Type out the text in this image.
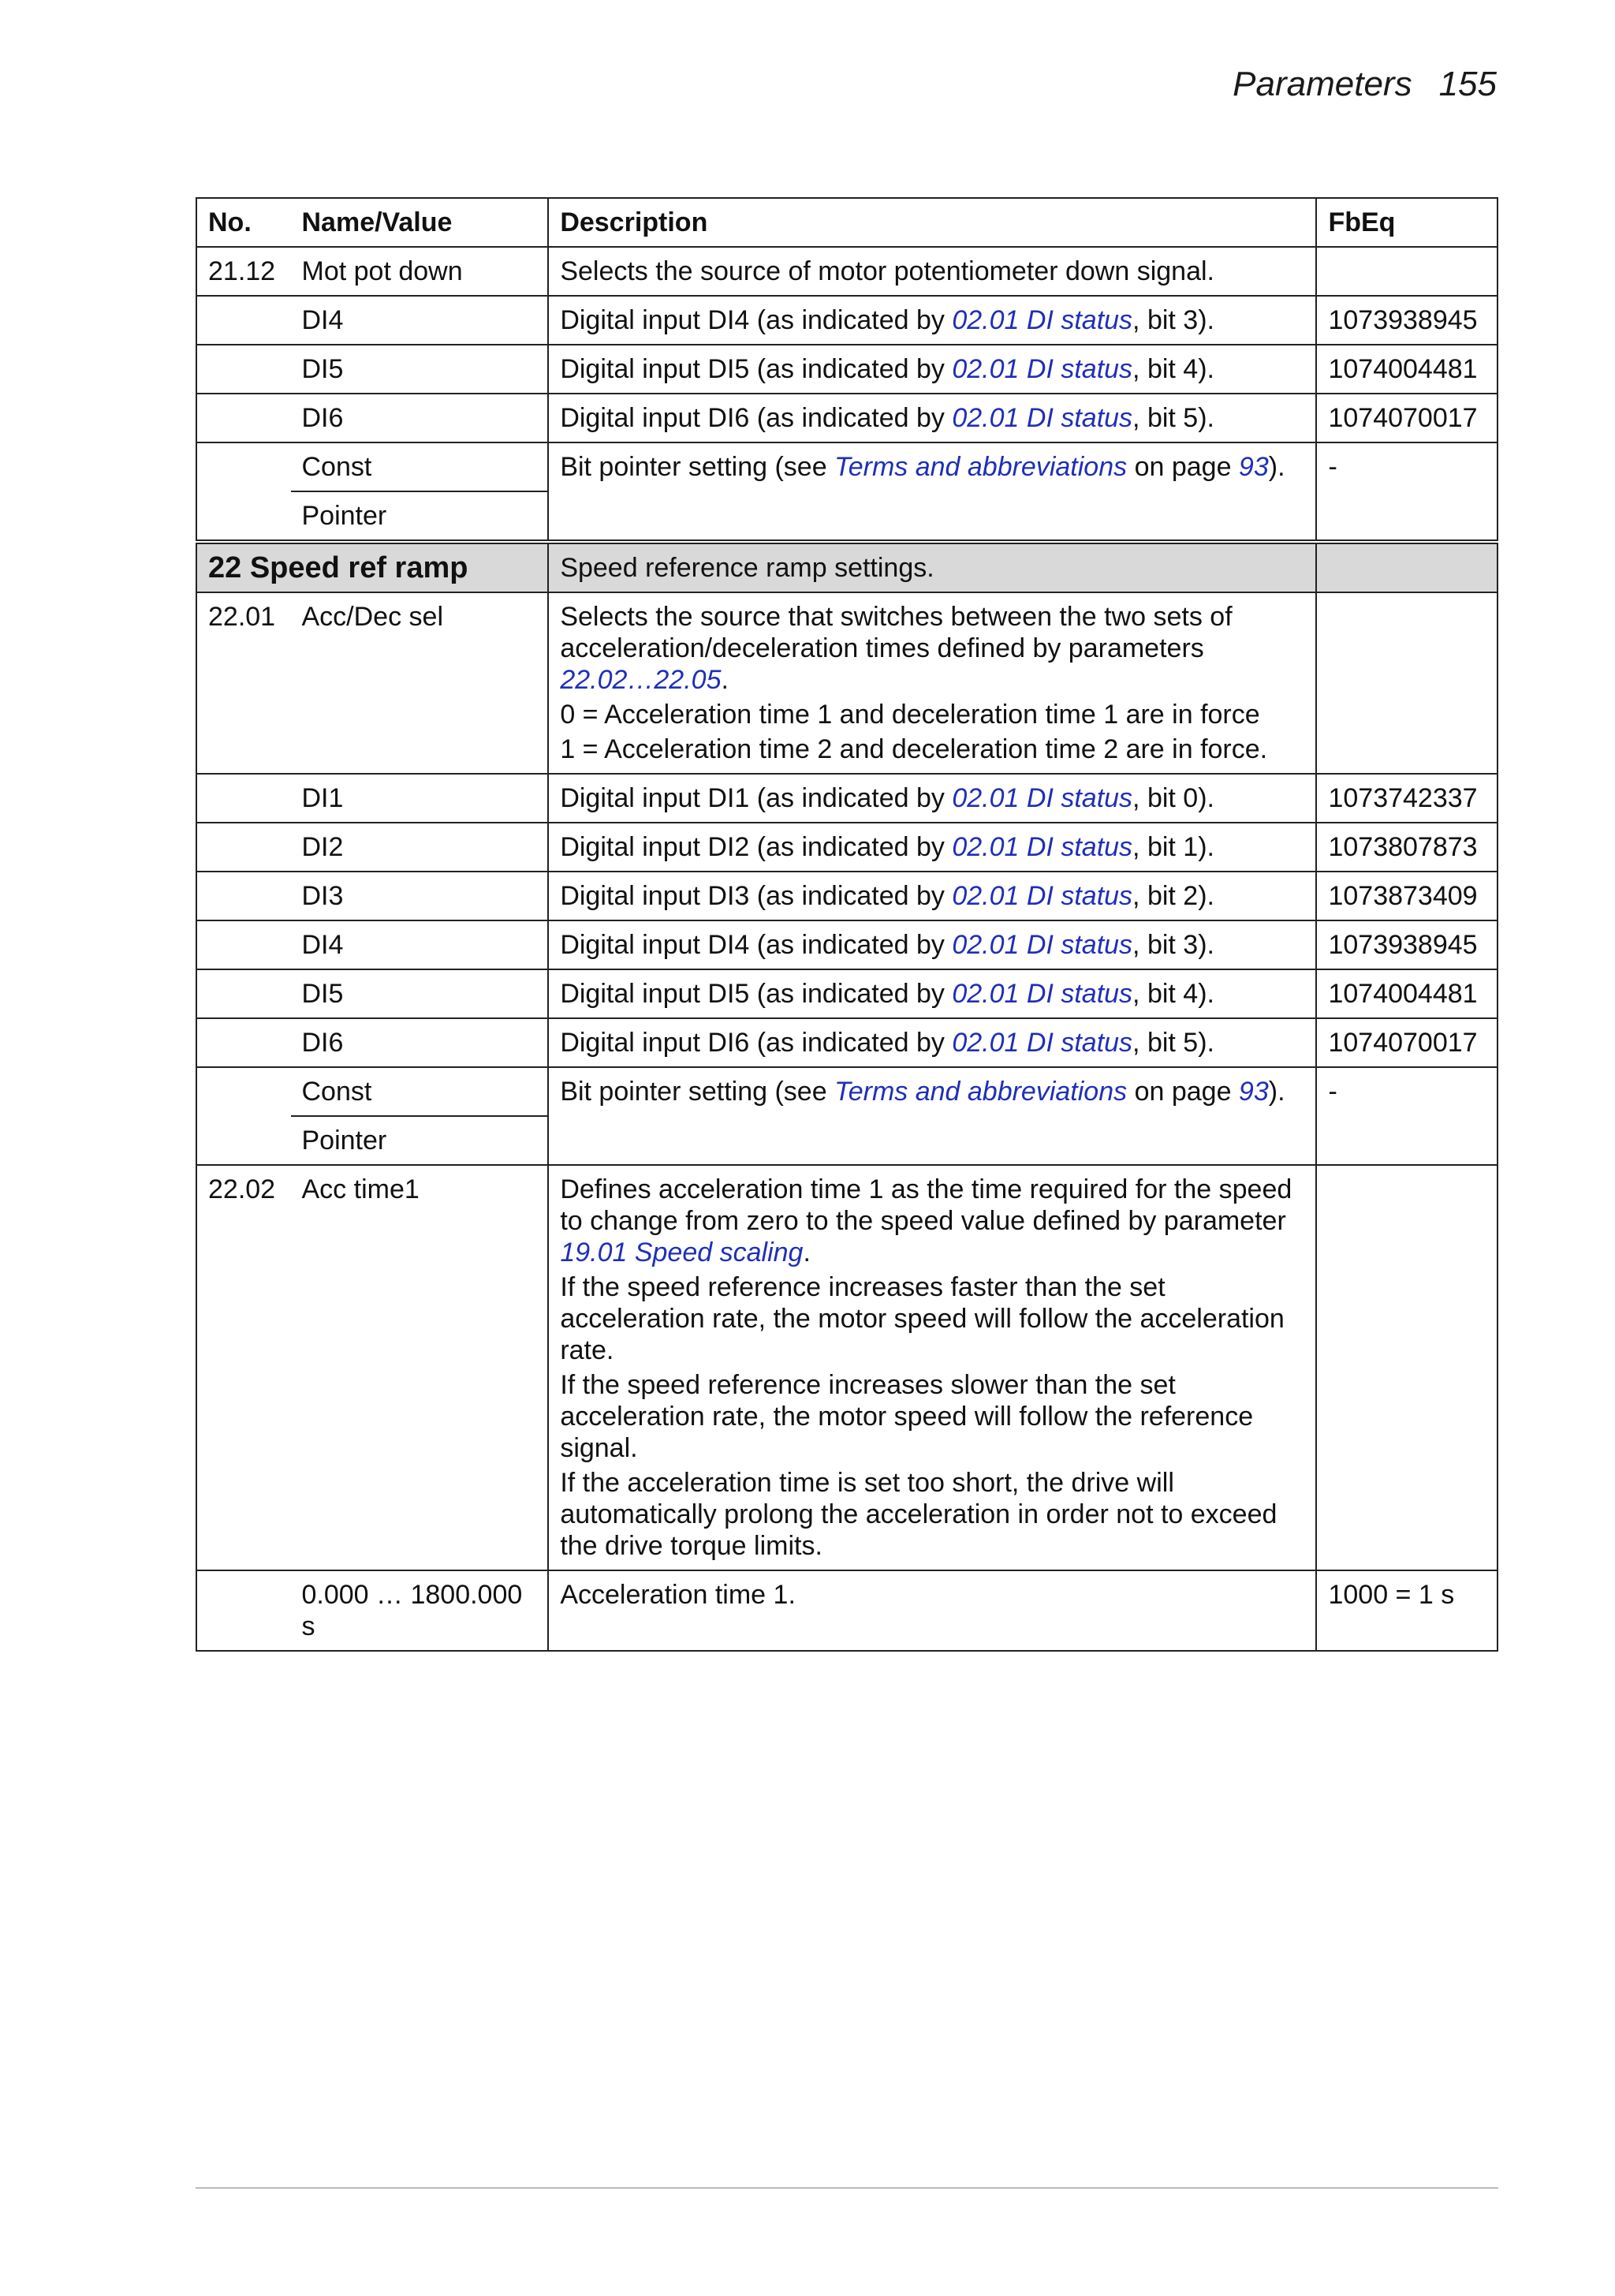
Parameters 155
No.	Name/Value	Description	FbEq
21.12	Mot pot down	Selects the source of motor potentiometer down signal.	
	DI4	Digital input DI4 (as indicated by 02.01 DI status, bit 3).	1073938945
	DI5	Digital input DI5 (as indicated by 02.01 DI status, bit 4).	1074004481
	DI6	Digital input DI6 (as indicated by 02.01 DI status, bit 5).	1074070017
	Const	Bit pointer setting (see Terms and abbreviations on page 93).	-
	Pointer		
22 Speed ref ramp		Speed reference ramp settings.	
22.01	Acc/Dec sel	Selects the source that switches between the two sets of acceleration/deceleration times defined by parameters 22.02…22.05.

0 = Acceleration time 1 and deceleration time 1 are in force

1 = Acceleration time 2 and deceleration time 2 are in force.	

	DI1	Digital input DI1 (as indicated by 02.01 DI status, bit 0).	1073742337
	DI2	Digital input DI2 (as indicated by 02.01 DI status, bit 1).	1073807873
	DI3	Digital input DI3 (as indicated by 02.01 DI status, bit 2).	1073873409
	DI4	Digital input DI4 (as indicated by 02.01 DI status, bit 3).	1073938945
	DI5	Digital input DI5 (as indicated by 02.01 DI status, bit 4).	1074004481
	DI6	Digital input DI6 (as indicated by 02.01 DI status, bit 5).	1074070017
	Const	Bit pointer setting (see Terms and abbreviations on page 93).	-
	Pointer		
22.02	Acc time1	Defines acceleration time 1 as the time required for the speed to change from zero to the speed value defined by parameter 19.01 Speed scaling.

If the speed reference increases faster than the set acceleration rate, the motor speed will follow the acceleration rate.

If the speed reference increases slower than the set acceleration rate, the motor speed will follow the reference signal.

If the acceleration time is set too short, the drive will automatically prolong the acceleration in order not to exceed the drive torque limits.	

	0.000 … 1800.000 s	Acceleration time 1.	1000 = 1 s
